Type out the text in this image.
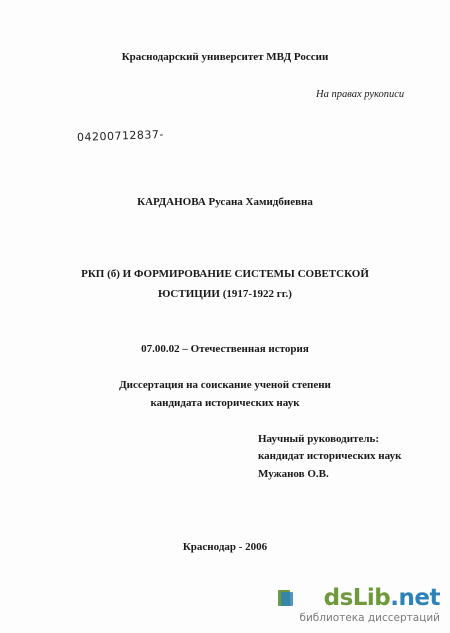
Краснодарский университет МВД России
На правах рукописи
04200712837-
КАРДАНОВА Русана Хамидбиевна
РКП (б) И ФОРМИРОВАНИЕ СИСТЕМЫ СОВЕТСКОЙ
ЮСТИЦИИ (1917-1922 гг.)
07.00.02 – Отечественная история
Диссертация на соискание ученой степени
кандидата исторических наук
Научный руководитель:
кандидат исторических наук
Мужанов О.В.
Краснодар - 2006
dsLib.net
библиотека диссертаций
